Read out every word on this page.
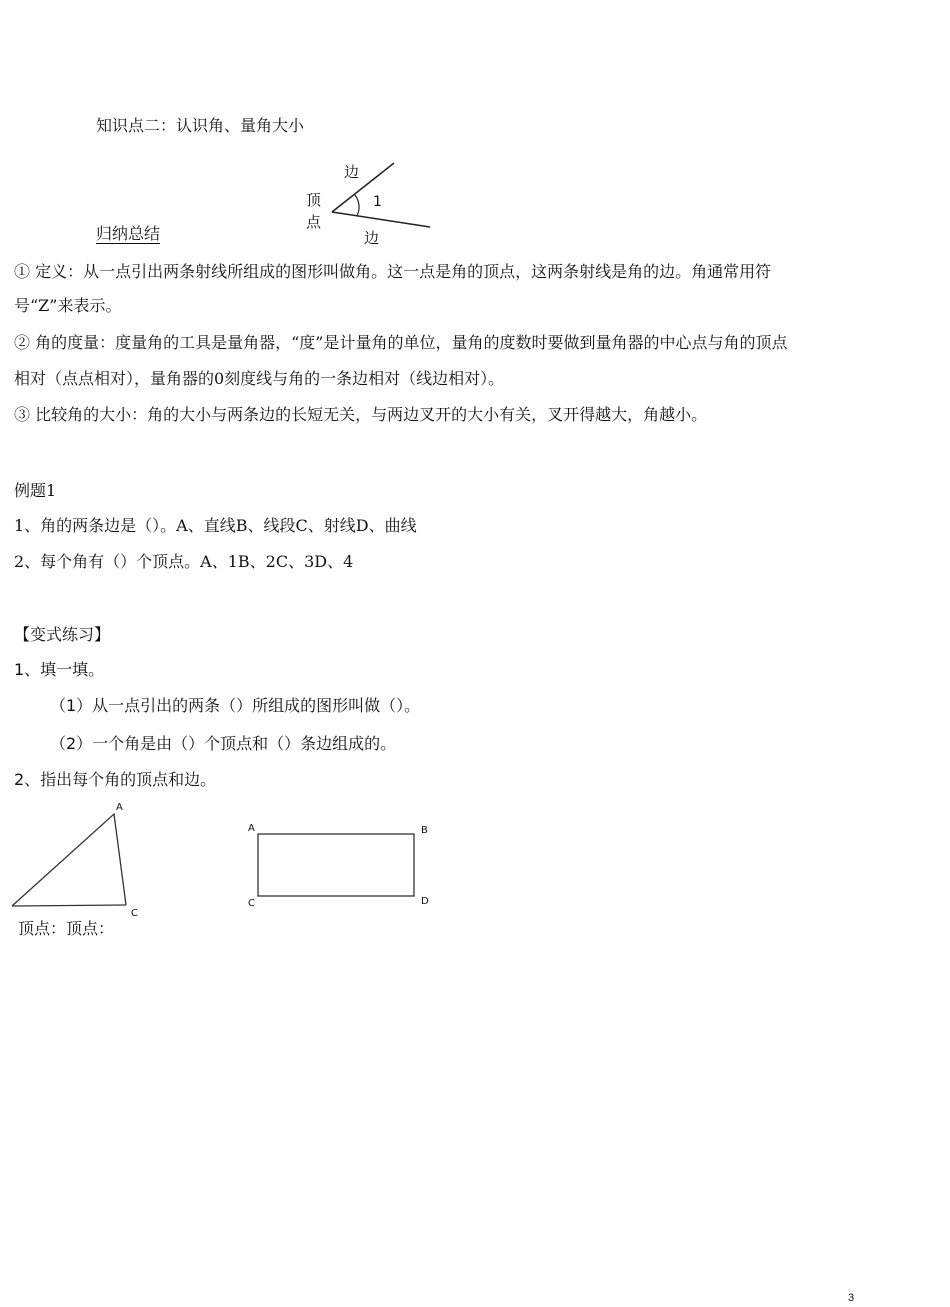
知识点二：认识角、量角大小
边
顶
点
1
边
归纳总结
① 定义：从一点引出两条射线所组成的图形叫做角。这一点是角的顶点，这两条射线是角的边。角通常用符
号“Z”来表示。
② 角的度量：度量角的工具是量角器，“度”是计量角的单位，量角的度数时要做到量角器的中心点与角的顶点
相对（点点相对），量角器的0刻度线与角的一条边相对（线边相对）。
③ 比较角的大小：角的大小与两条边的长短无关，与两边叉开的大小有关，叉开得越大，角越小。
例题1
1、角的两条边是（）。A、直线B、线段C、射线D、曲线
2、每个角有（）个顶点。A、1B、2C、3D、4
【变式练习】
1、填一填。
（1）从一点引出的两条（）所组成的图形叫做（）。
（2）一个角是由（）个顶点和（）条边组成的。
2、指出每个角的顶点和边。
A
C
A	B
C	D
顶点：顶点：
3
